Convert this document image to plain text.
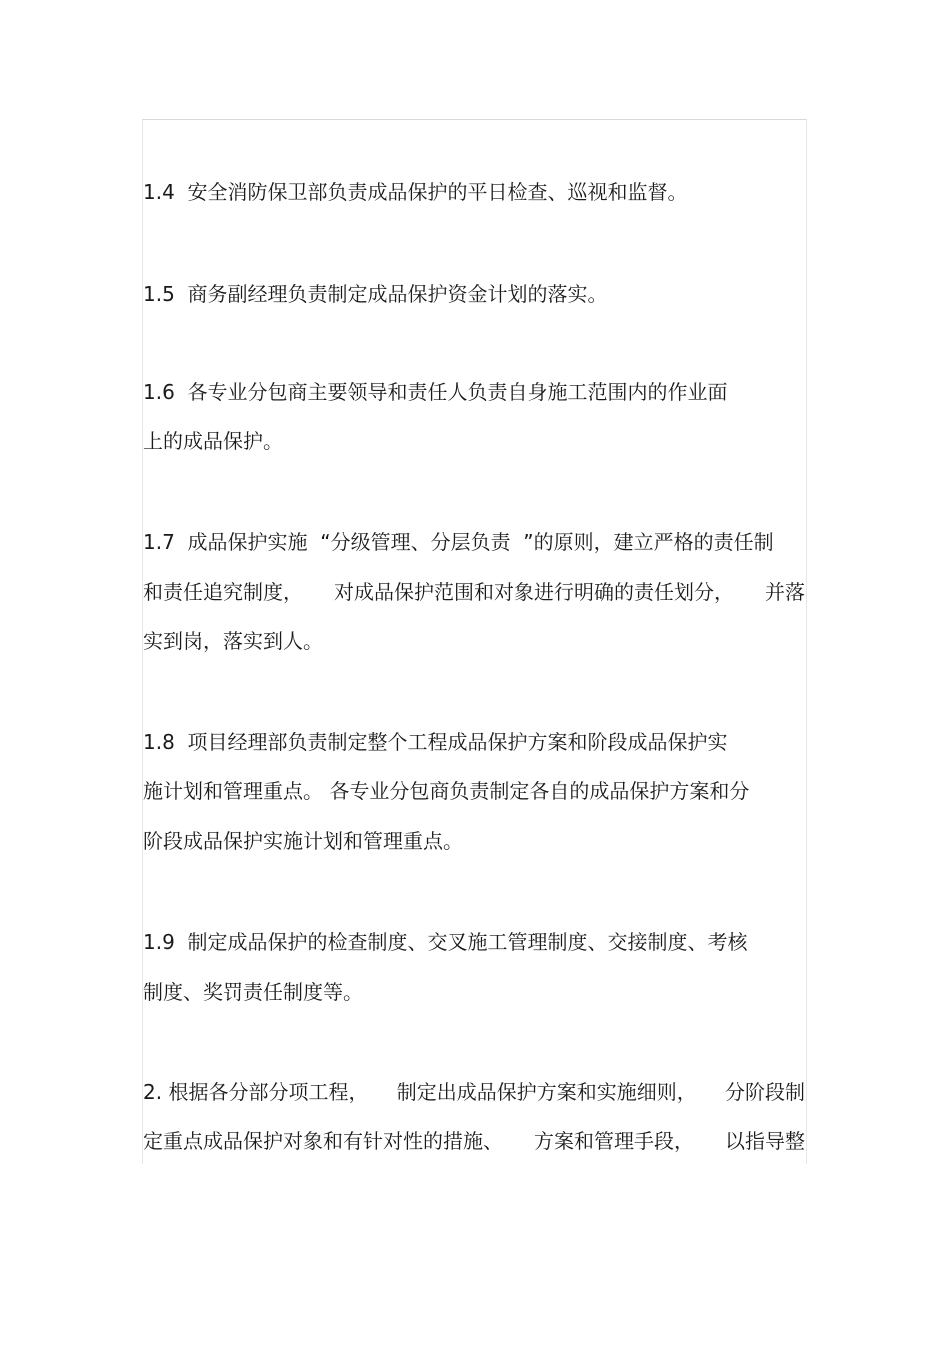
1.4  安全消防保卫部负责成品保护的平日检查、巡视和监督。
1.5  商务副经理负责制定成品保护资金计划的落实。
1.6  各专业分包商主要领导和责任人负责自身施工范围内的作业面
上的成品保护。
1.7  成品保护实施  “分级管理、分层负责  ”的原则，建立严格的责任制
和责任追究制度， 对成品保护范围和对象进行明确的责任划分， 并落
实到岗，落实到人。
1.8  项目经理部负责制定整个工程成品保护方案和阶段成品保护实
施计划和管理重点。 各专业分包商负责制定各自的成品保护方案和分
阶段成品保护实施计划和管理重点。
1.9  制定成品保护的检查制度、交叉施工管理制度、交接制度、考核
制度、奖罚责任制度等。
2. 根据各分部分项工程， 制定出成品保护方案和实施细则， 分阶段制
定重点成品保护对象和有针对性的措施、 方案和管理手段， 以指导整
